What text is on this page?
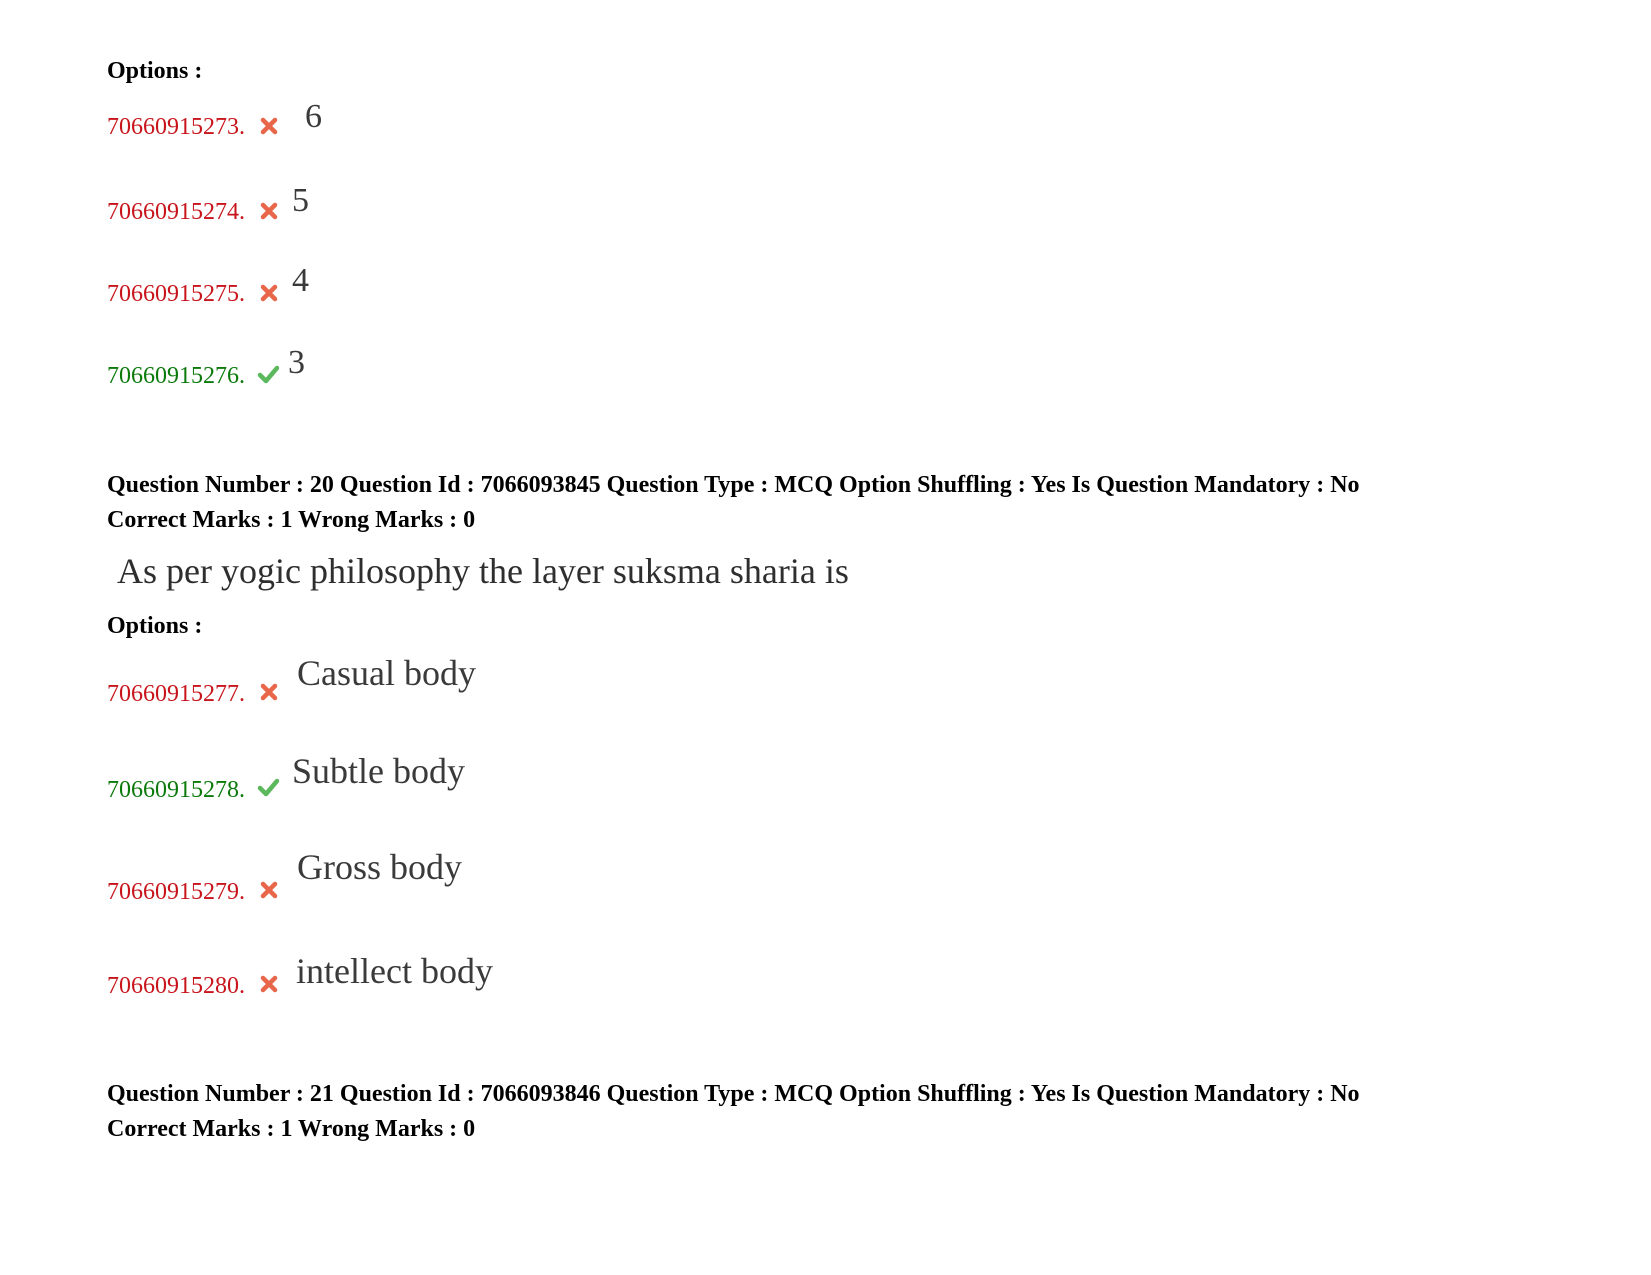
Options :
70660915273. 6
70660915274. 5
70660915275. 4
70660915276. 3
Question Number : 20 Question Id : 7066093845 Question Type : MCQ Option Shuffling : Yes Is Question Mandatory : No
Correct Marks : 1 Wrong Marks : 0
As per yogic philosophy the layer suksma sharia is
Options :
70660915277.
Casual body
70660915278. Subtle body
70660915279.
Gross body
70660915280. intellect body
Question Number : 21 Question Id : 7066093846 Question Type : MCQ Option Shuffling : Yes Is Question Mandatory : No
Correct Marks : 1 Wrong Marks : 0
